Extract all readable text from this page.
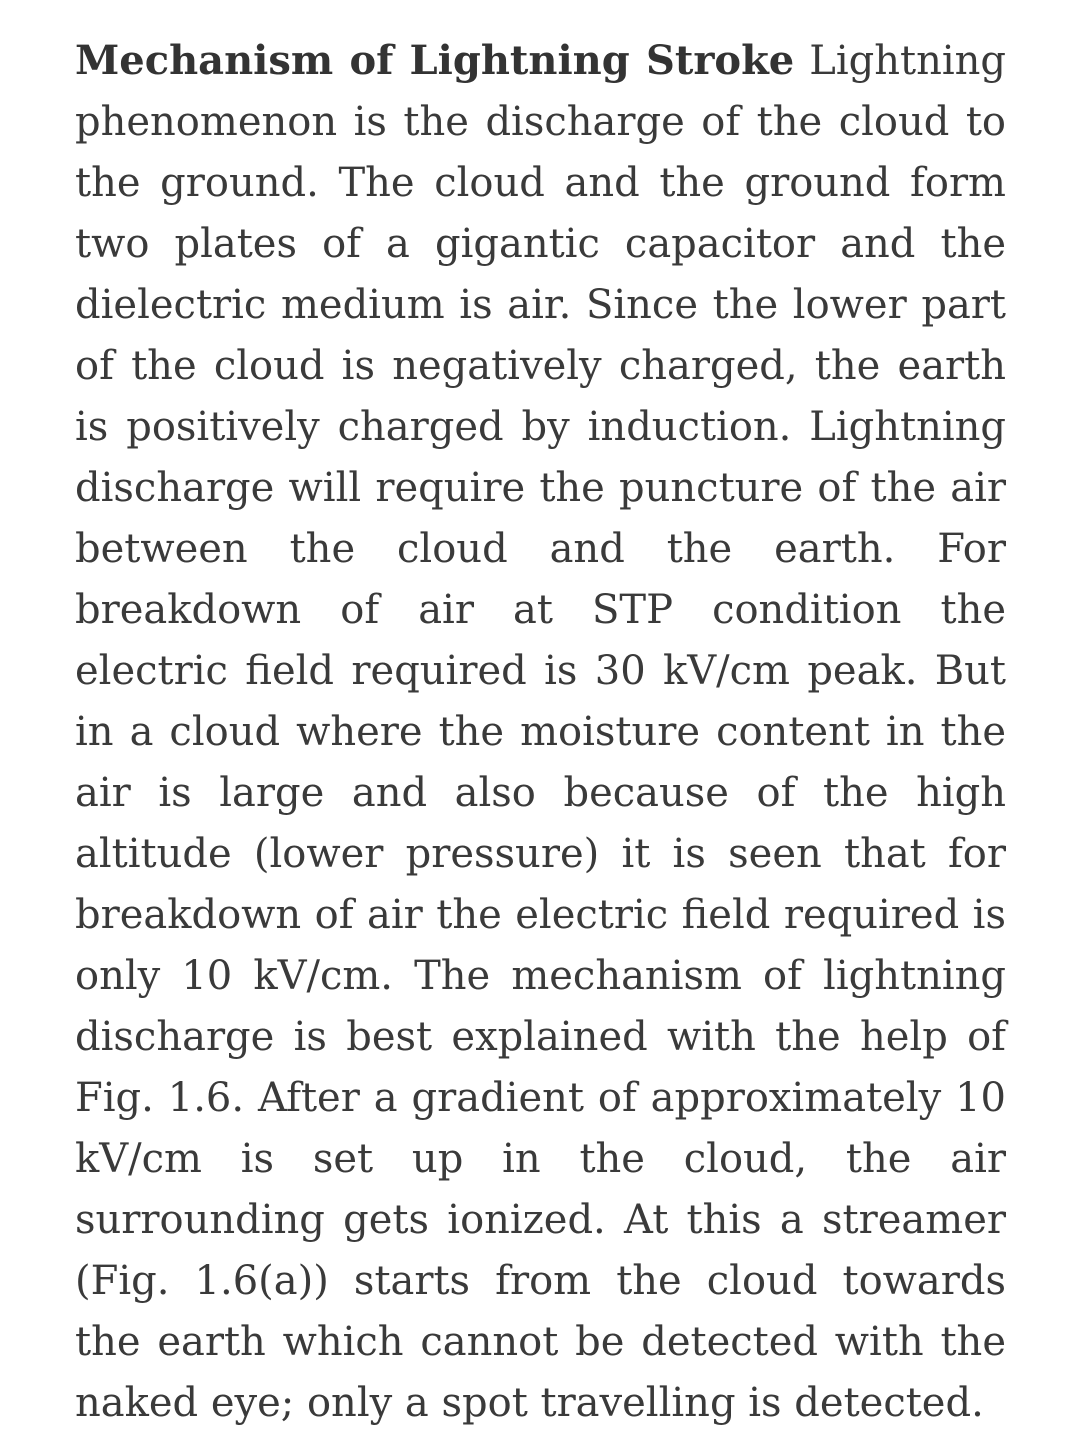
Mechanism of Lightning Stroke Lightning phenomenon is the discharge of the cloud to the ground. The cloud and the ground form two plates of a gigantic capacitor and the dielectric medium is air. Since the lower part of the cloud is negatively charged, the earth is positively charged by induction. Lightning discharge will require the puncture of the air between the cloud and the earth. For breakdown of air at STP condition the electric field required is 30 kV/cm peak. But in a cloud where the moisture content in the air is large and also because of the high altitude (lower pressure) it is seen that for breakdown of air the electric field required is only 10 kV/cm. The mechanism of lightning discharge is best explained with the help of Fig. 1.6. After a gradient of approximately 10 kV/cm is set up in the cloud, the air surrounding gets ionized. At this a streamer (Fig. 1.6(a)) starts from the cloud towards the earth which cannot be detected with the naked eye; only a spot travelling is detected.
